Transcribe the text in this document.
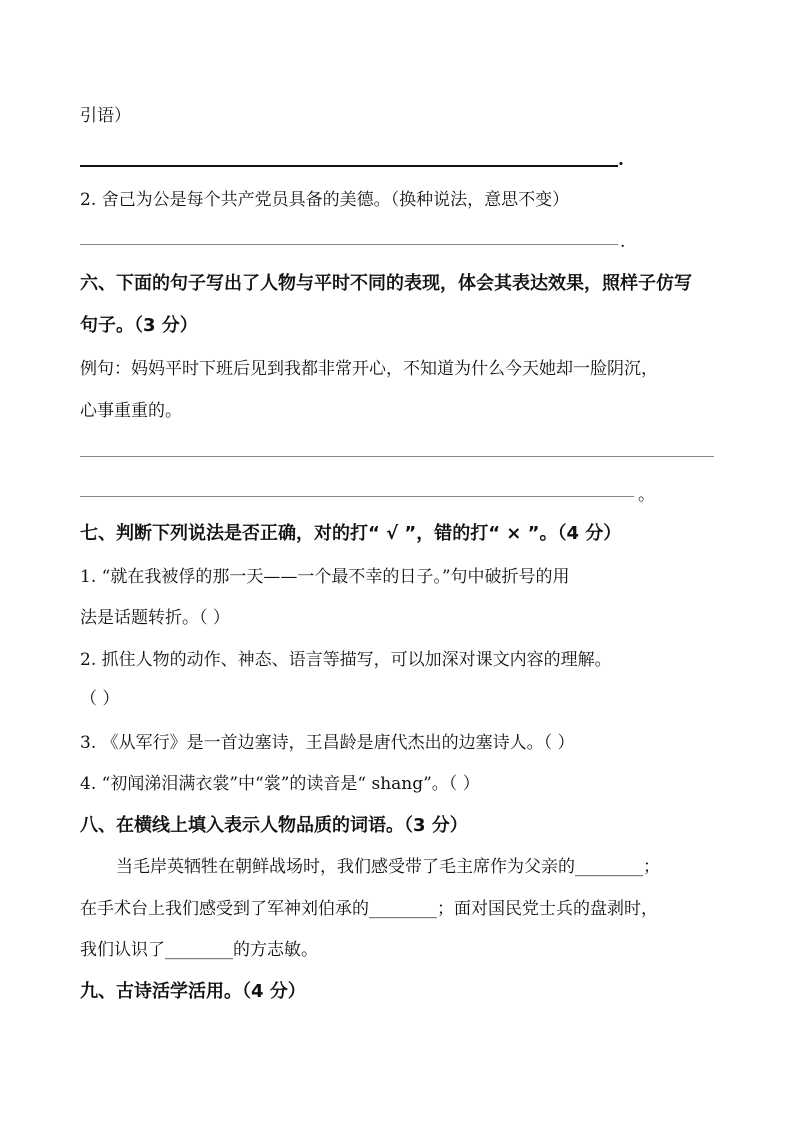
引语）
.
2. 舍己为公是每个共产党员具备的美德。（换种说法，意思不变）
.
六、下面的句子写出了人物与平时不同的表现，体会其表达效果，照样子仿写
句子。（3 分）
例句：妈妈平时下班后见到我都非常开心，不知道为什么今天她却一脸阴沉，
心事重重的。
。
七、判断下列说法是否正确，对的打“ √ ”，错的打“ × ”。（4 分）
1. “就在我被俘的那一天——一个最不幸的日子。”句中破折号的用
法是话题转折。（ ）
2. 抓住人物的动作、神态、语言等描写，可以加深对课文内容的理解。
（ ）
3. 《从军行》是一首边塞诗，王昌龄是唐代杰出的边塞诗人。（ ）
4. “初闻涕泪满衣裳”中“裳”的读音是“ shang”。（ ）
八、在横线上填入表示人物品质的词语。（3 分）
当毛岸英牺牲在朝鲜战场时，我们感受带了毛主席作为父亲的________；
在手术台上我们感受到了军神刘伯承的________；面对国民党士兵的盘剥时，
我们认识了________的方志敏。
九、古诗活学活用。（4 分）
